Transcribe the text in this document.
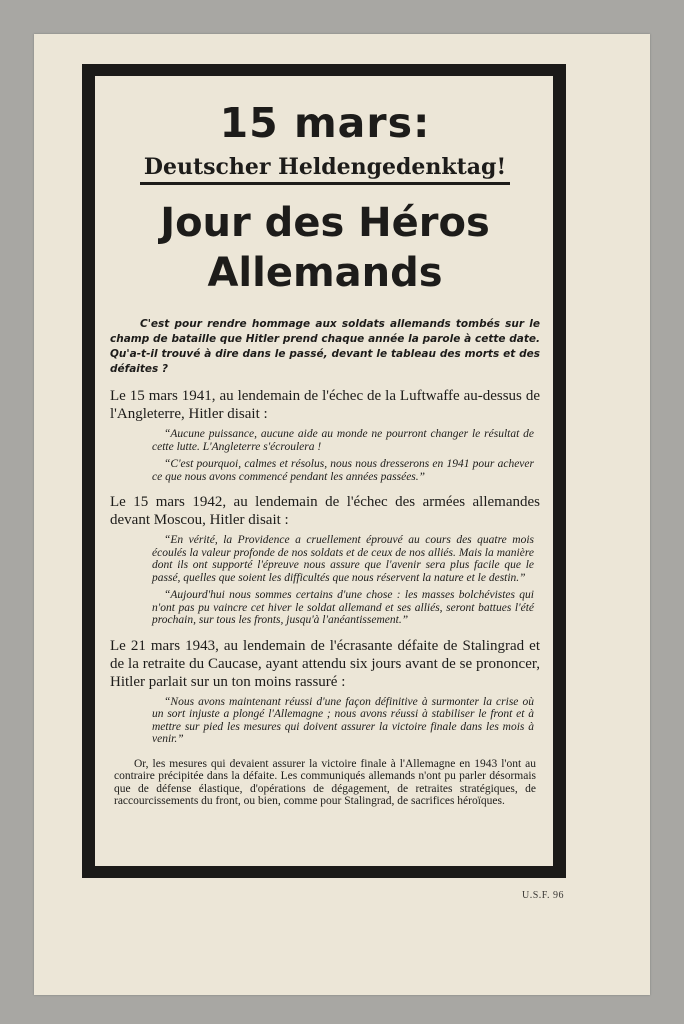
15 mars:

Deutscher Heldengedenktag!

Jour des Héros Allemands

C'est pour rendre hommage aux soldats allemands tombés sur le champ de bataille que Hitler prend chaque année la parole à cette date. Qu'a-t-il trouvé à dire dans le passé, devant le tableau des morts et des défaites ?

Le 15 mars 1941, au lendemain de l'échec de la Luftwaffe au-dessus de l'Angleterre, Hitler disait :

“Aucune puissance, aucune aide au monde ne pourront changer le résultat de cette lutte. L'Angleterre s'écroulera !

“C'est pourquoi, calmes et résolus, nous nous dresserons en 1941 pour achever ce que nous avons commencé pendant les années passées.”

Le 15 mars 1942, au lendemain de l'échec des armées allemandes devant Moscou, Hitler disait :

“En vérité, la Providence a cruellement éprouvé au cours des quatre mois écoulés la valeur profonde de nos soldats et de ceux de nos alliés. Mais la manière dont ils ont supporté l'épreuve nous assure que l'avenir sera plus facile que le passé, quelles que soient les difficultés que nous réservent la nature et le destin.”

“Aujourd'hui nous sommes certains d'une chose : les masses bolchévistes qui n'ont pas pu vaincre cet hiver le soldat allemand et ses alliés, seront battues l'été prochain, sur tous les fronts, jusqu'à l'anéantissement.”

Le 21 mars 1943, au lendemain de l'écrasante défaite de Stalingrad et de la retraite du Caucase, ayant attendu six jours avant de se prononcer, Hitler parlait sur un ton moins rassuré :

“Nous avons maintenant réussi d'une façon définitive à surmonter la crise où un sort injuste a plongé l'Allemagne ; nous avons réussi à stabiliser le front et à mettre sur pied les mesures qui doivent assurer la victoire finale dans les mois à venir.”

Or, les mesures qui devaient assurer la victoire finale à l'Allemagne en 1943 l'ont au contraire précipitée dans la défaite. Les communiqués allemands n'ont pu parler désormais que de défense élastique, d'opérations de dégagement, de retraites stratégiques, de raccourcissements du front, ou bien, comme pour Stalingrad, de sacrifices héroïques.

U.S.F. 96
